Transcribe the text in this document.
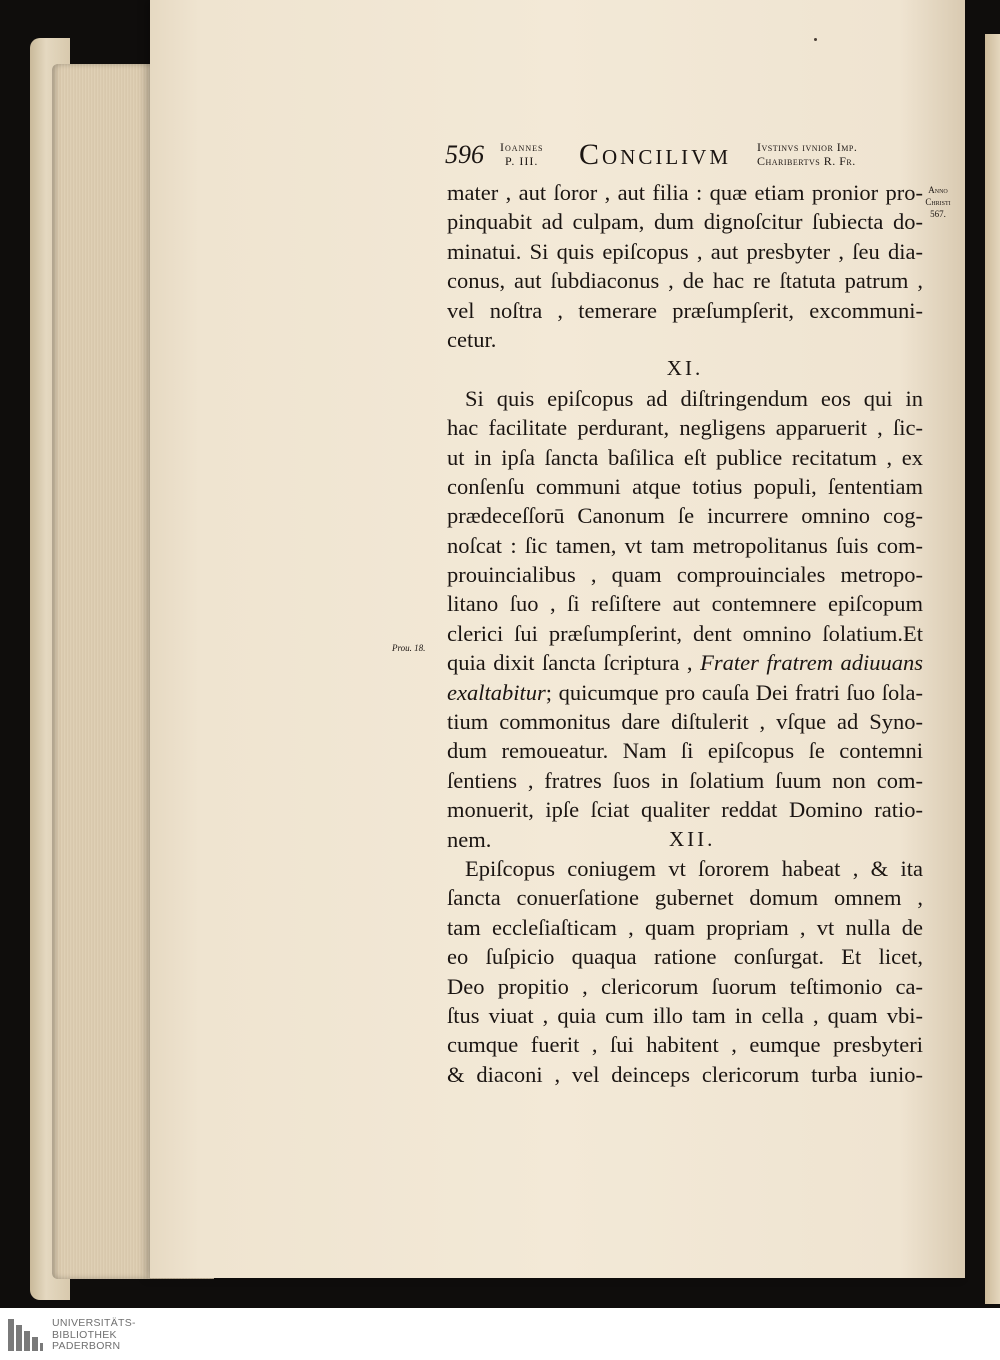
596 Ioannes
P. III. Concilivm Ivstinvs ivnior Imp.
Charibertvs R. Fr.
Anno
Christi
567.
Prou. 18.
mater , aut ſoror , aut filia : quæ etiam pronior pro-
pinquabit ad culpam, dum dignoſcitur ſubiecta do-
minatui. Si quis epiſcopus , aut presbyter , ſeu dia-
conus, aut ſubdiaconus , de hac re ſtatuta patrum ,
vel noſtra , temerare præſumpſerit, excommuni-
cetur.
XI.
Si quis epiſcopus ad diſtringendum eos qui in
hac facilitate perdurant, negligens apparuerit , ſic-
ut in ipſa ſancta baſilica eſt publice recitatum , ex
conſenſu communi atque totius populi, ſententiam
prædeceſſorū Canonum ſe incurrere omnino cog-
noſcat : ſic tamen, vt tam metropolitanus ſuis com-
prouincialibus , quam comprouinciales metropo-
litano ſuo , ſi reſiſtere aut contemnere epiſcopum
clerici ſui præſumpſerint, dent omnino ſolatium.Et
quia dixit ſancta ſcriptura , Frater fratrem adiuuans
exaltabitur; quicumque pro cauſa Dei fratri ſuo ſola-
tium commonitus dare diſtulerit , vſque ad Syno-
dum remoueatur. Nam ſi epiſcopus ſe contemni
ſentiens , fratres ſuos in ſolatium ſuum non com-
monuerit, ipſe ſciat qualiter reddat Domino ratio-
nem.	XII.
Epiſcopus coniugem vt ſororem habeat , & ita
ſancta conuerſatione gubernet domum omnem ,
tam eccleſiaſticam , quam propriam , vt nulla de
eo ſuſpicio quaqua ratione conſurgat. Et licet,
Deo propitio , clericorum ſuorum teſtimonio ca-
ſtus viuat , quia cum illo tam in cella , quam vbi-
cumque fuerit , ſui habitent , eumque presbyteri
& diaconi , vel deinceps clericorum turba iunio-
UNIVERSITÄTS-
BIBLIOTHEK
PADERBORN
